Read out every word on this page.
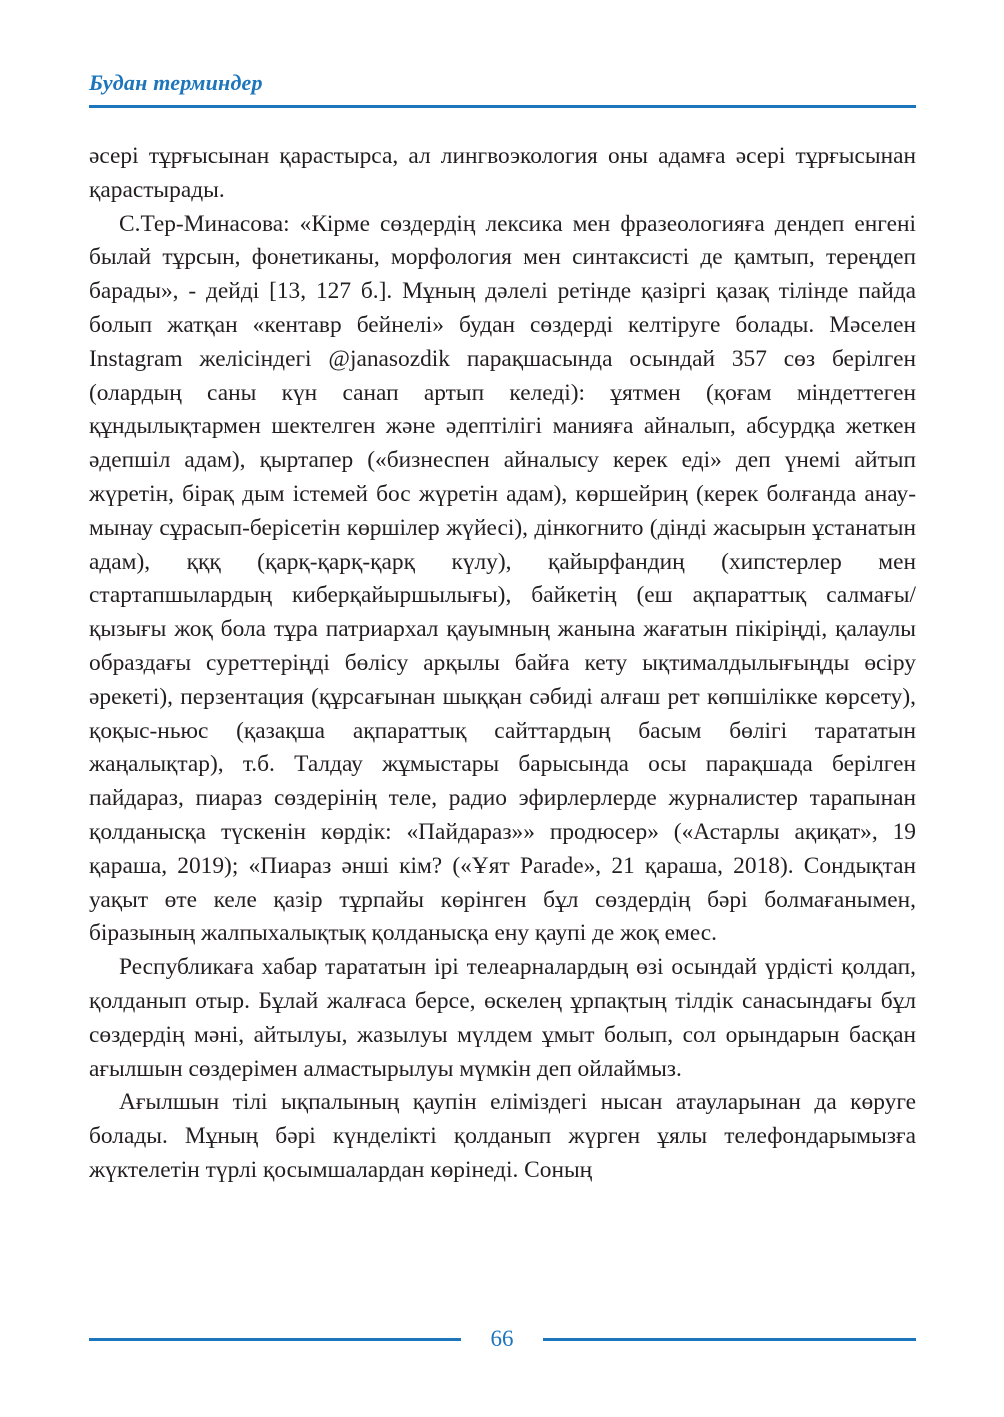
Будан терминдер

әсері тұрғысынан қарастырса, ал лингвоэкология оны адамға әсері тұрғысынан қарастырады.

С.Тер-Минасова: «Кірме сөздердің лексика мен фразеологияға дендеп енгені былай тұрсын, фонетиканы, морфология мен синтаксисті де қамтып, тереңдеп барады», - дейді [13, 127 б.]. Мұның дәлелі ретінде қазіргі қазақ тілінде пайда болып жатқан «кентавр бейнелі» будан сөздерді келтіруге болады. Мәселен Instagram желісіндегі @janasozdik парақшасында осындай 357 сөз берілген (олардың саны күн санап артып келеді): ұятмен (қоғам міндеттеген құндылықтармен шектелген және әдептілігі манияға айналып, абсурдқа жеткен әдепшіл адам), қыртапер («бизнеспен айналысу керек еді» деп үнемі айтып жүретін, бірақ дым істемей бос жүретін адам), көршейриң (керек болғанда анау-мынау сұрасып-берісетін көршілер жүйесі), дінкогнито (дінді жасырын ұстанатын адам), қққ (қарқ-қарқ-қарқ күлу), қайырфандиң (хипстерлер мен стартапшылардың киберқайыршылығы), байкетің (еш ақпараттық салмағы/қызығы жоқ бола тұра патриархал қауымның жанына жағатын пікіріңді, қалаулы образдағы суреттеріңді бөлісу арқылы байға кету ықтималдылығыңды өсіру әрекеті), перзентация (құрсағынан шыққан сәбиді алғаш рет көпшілікке көрсету), қоқыс-ньюс (қазақша ақпараттық сайттардың басым бөлігі тарататын жаңалықтар), т.б. Талдау жұмыстары барысында осы парақшада берілген пайдараз, пиараз сөздерінің теле, радио эфирлерлерде журналистер тарапынан қолданысқа түскенін көрдік: «Пайдараз»» продюсер» («Астарлы ақиқат», 19 қараша, 2019); «Пиараз әнші кім? («Ұят Parade», 21 қараша, 2018). Сондықтан уақыт өте келе қазір тұрпайы көрінген бұл сөздердің бәрі болмағанымен, біразының жалпыхалықтық қолданысқа ену қаупі де жоқ емес.

Республикаға хабар тарататын ірі телеарналардың өзі осындай үрдісті қолдап, қолданып отыр. Бұлай жалғаса берсе, өскелең ұрпақтың тілдік санасындағы бұл сөздердің мәні, айтылуы, жазылуы мүлдем ұмыт болып, сол орындарын басқан ағылшын сөздерімен алмастырылуы мүмкін деп ойлаймыз.

Ағылшын тілі ықпалының қаупін еліміздегі нысан атауларынан да көруге болады. Мұның бәрі күнделікті қолданып жүрген ұялы телефондарымызға жүктелетін түрлі қосымшалардан көрінеді. Соның

66
